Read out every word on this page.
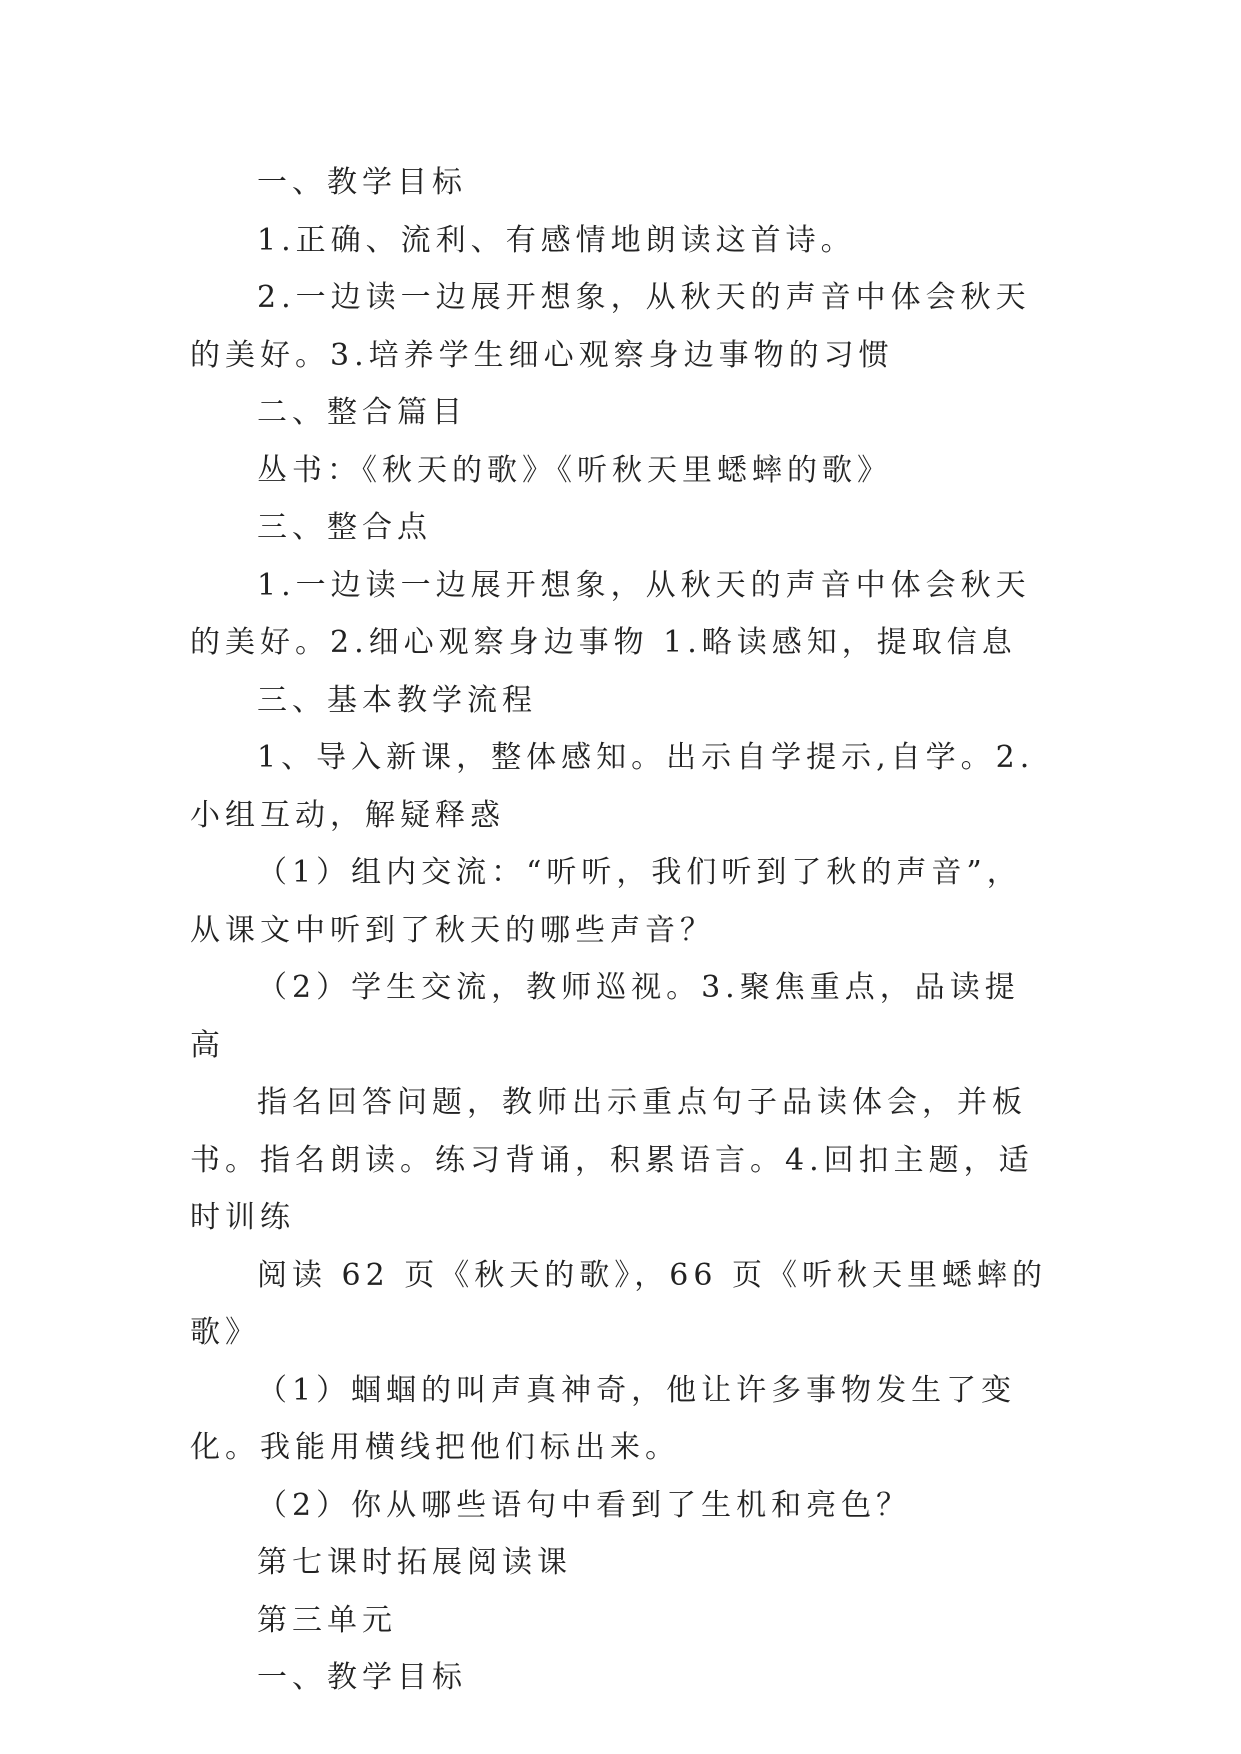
一、教学目标

1.正确、流利、有感情地朗读这首诗。

2.一边读一边展开想象，从秋天的声音中体会秋天的美好。3.培养学生细心观察身边事物的习惯

二、整合篇目

丛书：《秋天的歌》《听秋天里蟋蟀的歌》

三、整合点

1.一边读一边展开想象，从秋天的声音中体会秋天的美好。2.细心观察身边事物 1.略读感知，提取信息

三、基本教学流程

1、导入新课，整体感知。出示自学提示,自学。2.小组互动，解疑释惑

（1）组内交流：“听听，我们听到了秋的声音”，从课文中听到了秋天的哪些声音？

（2）学生交流，教师巡视。3.聚焦重点，品读提高

指名回答问题，教师出示重点句子品读体会，并板书。指名朗读。练习背诵，积累语言。4.回扣主题，适时训练

阅读 62 页《秋天的歌》，66 页《听秋天里蟋蟀的歌》

（1）蝈蝈的叫声真神奇，他让许多事物发生了变化。我能用横线把他们标出来。

（2）你从哪些语句中看到了生机和亮色？

第七课时拓展阅读课

第三单元

一、教学目标
